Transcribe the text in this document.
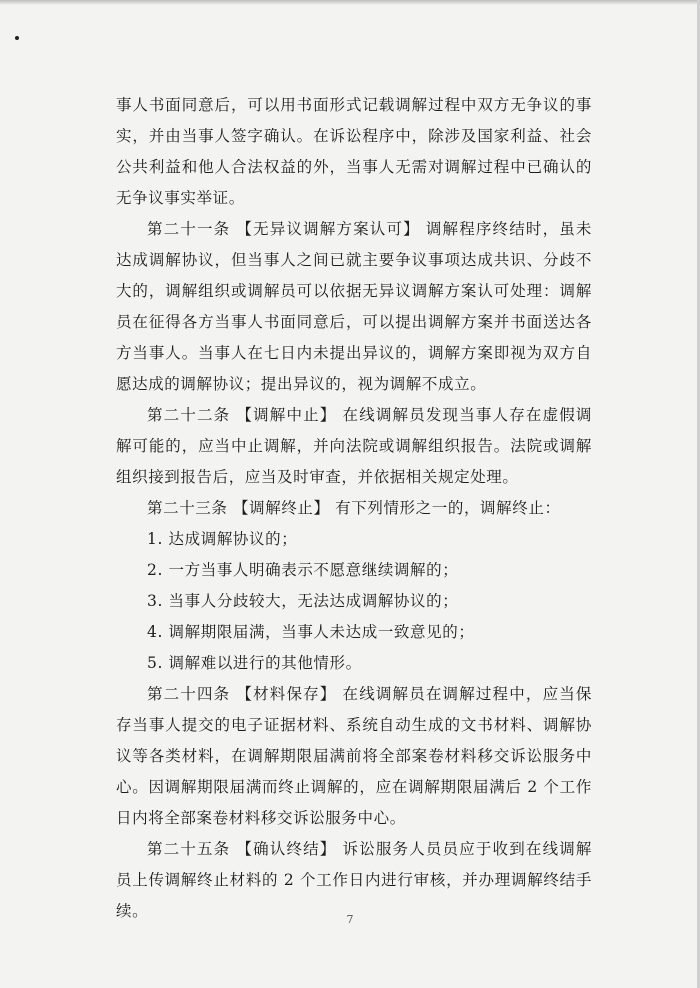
事人书面同意后，可以用书面形式记载调解过程中双方无争议的事实，并由当事人签字确认。在诉讼程序中，除涉及国家利益、社会公共利益和他人合法权益的外，当事人无需对调解过程中已确认的无争议事实举证。

第二十一条 【无异议调解方案认可】 调解程序终结时，虽未达成调解协议，但当事人之间已就主要争议事项达成共识、分歧不大的，调解组织或调解员可以依据无异议调解方案认可处理：调解员在征得各方当事人书面同意后，可以提出调解方案并书面送达各方当事人。当事人在七日内未提出异议的，调解方案即视为双方自愿达成的调解协议；提出异议的，视为调解不成立。

第二十二条 【调解中止】 在线调解员发现当事人存在虚假调解可能的，应当中止调解，并向法院或调解组织报告。法院或调解组织接到报告后，应当及时审查，并依据相关规定处理。

第二十三条 【调解终止】 有下列情形之一的，调解终止：

1. 达成调解协议的；

2. 一方当事人明确表示不愿意继续调解的；

3. 当事人分歧较大，无法达成调解协议的；

4. 调解期限届满，当事人未达成一致意见的；

5. 调解难以进行的其他情形。

第二十四条 【材料保存】 在线调解员在调解过程中，应当保存当事人提交的电子证据材料、系统自动生成的文书材料、调解协议等各类材料，在调解期限届满前将全部案卷材料移交诉讼服务中心。因调解期限届满而终止调解的，应在调解期限届满后 2 个工作日内将全部案卷材料移交诉讼服务中心。

第二十五条 【确认终结】 诉讼服务人员员应于收到在线调解员上传调解终止材料的 2 个工作日内进行审核，并办理调解终结手续。	7
